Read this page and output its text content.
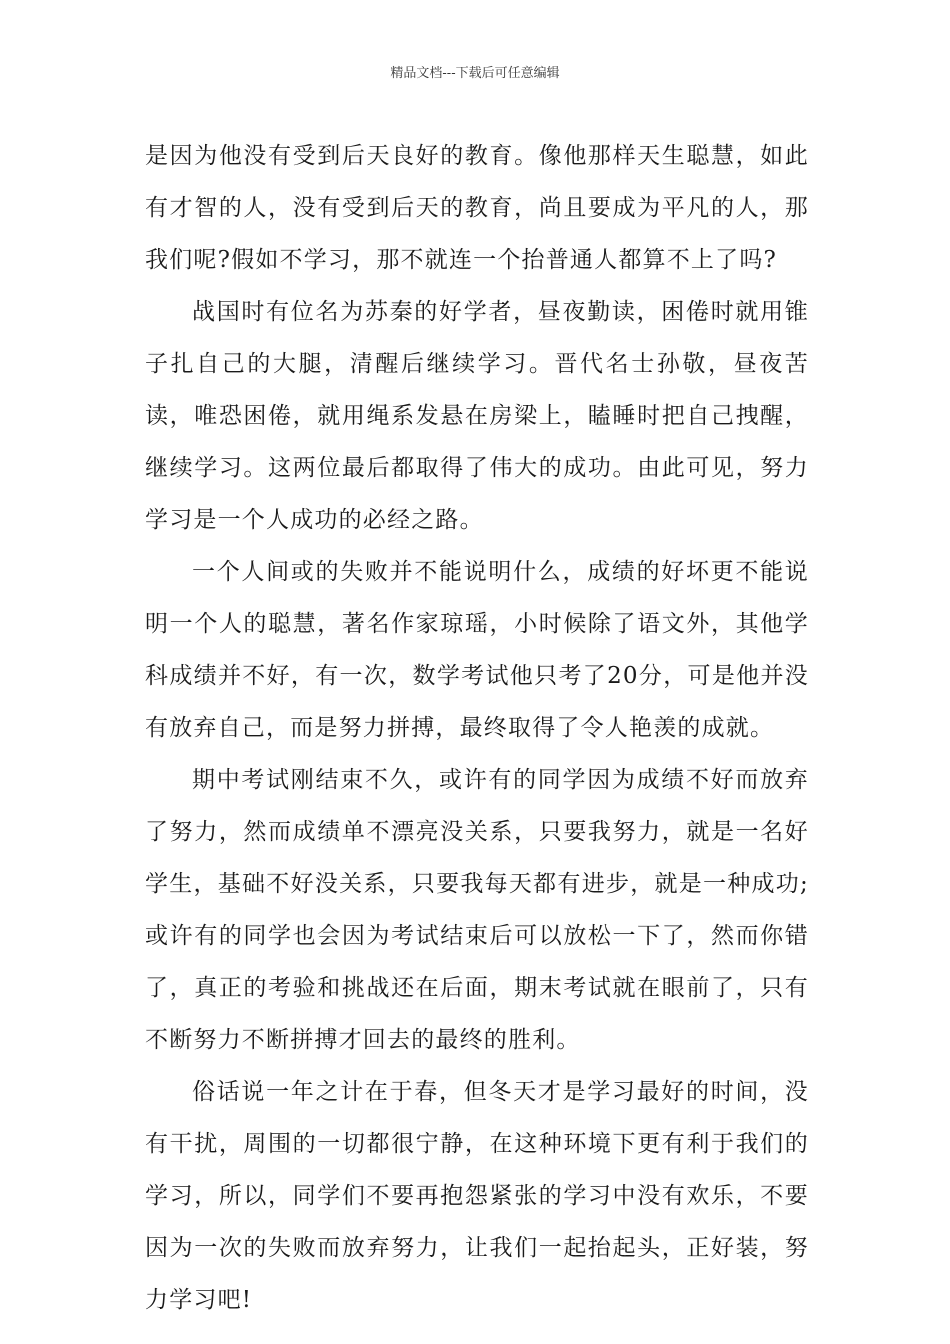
精品文档---下载后可任意编辑

是因为他没有受到后天良好的教育。像他那样天生聪慧，如此有才智的人，没有受到后天的教育，尚且要成为平凡的人，那我们呢?假如不学习，那不就连一个抬普通人都算不上了吗?

战国时有位名为苏秦的好学者，昼夜勤读，困倦时就用锥子扎自己的大腿，清醒后继续学习。晋代名士孙敬，昼夜苦读，唯恐困倦，就用绳系发悬在房梁上，瞌睡时把自己拽醒，继续学习。这两位最后都取得了伟大的成功。由此可见，努力学习是一个人成功的必经之路。

一个人间或的失败并不能说明什么，成绩的好坏更不能说明一个人的聪慧，著名作家琼瑶，小时候除了语文外，其他学科成绩并不好，有一次，数学考试他只考了20分，可是他并没有放弃自己，而是努力拼搏，最终取得了令人艳羡的成就。

期中考试刚结束不久，或许有的同学因为成绩不好而放弃了努力，然而成绩单不漂亮没关系，只要我努力，就是一名好学生，基础不好没关系，只要我每天都有进步，就是一种成功;或许有的同学也会因为考试结束后可以放松一下了，然而你错了，真正的考验和挑战还在后面，期末考试就在眼前了，只有不断努力不断拼搏才回去的最终的胜利。

俗话说一年之计在于春，但冬天才是学习最好的时间，没有干扰，周围的一切都很宁静，在这种环境下更有利于我们的学习，所以，同学们不要再抱怨紧张的学习中没有欢乐，不要因为一次的失败而放弃努力，让我们一起抬起头，正好装，努力学习吧!
